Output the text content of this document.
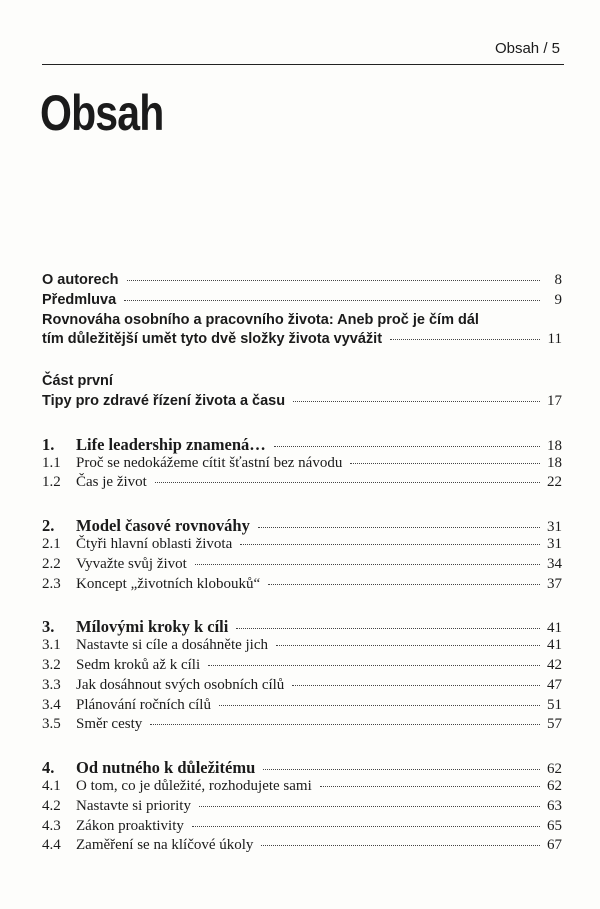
Obsah / 5
Obsah
O autorech	8
Předmluva	9
Rovnováha osobního a pracovního života: Aneb proč je čím dál
tím důležitější umět tyto dvě složky života vyvážit	11
Část první
Tipy pro zdravé řízení života a času	17
1.	Life leadership znamená…	18
1.1	Proč se nedokážeme cítit šťastní bez návodu	18
1.2	Čas je život	22
2.	Model časové rovnováhy	31
2.1	Čtyři hlavní oblasti života	31
2.2	Vyvažte svůj život	34
2.3	Koncept „životních klobouků“	37
3.	Mílovými kroky k cíli	41
3.1	Nastavte si cíle a dosáhněte jich	41
3.2	Sedm kroků až k cíli	42
3.3	Jak dosáhnout svých osobních cílů	47
3.4	Plánování ročních cílů	51
3.5	Směr cesty	57
4.	Od nutného k důležitému	62
4.1	O tom, co je důležité, rozhodujete sami	62
4.2	Nastavte si priority	63
4.3	Zákon proaktivity	65
4.4	Zaměření se na klíčové úkoly	67
